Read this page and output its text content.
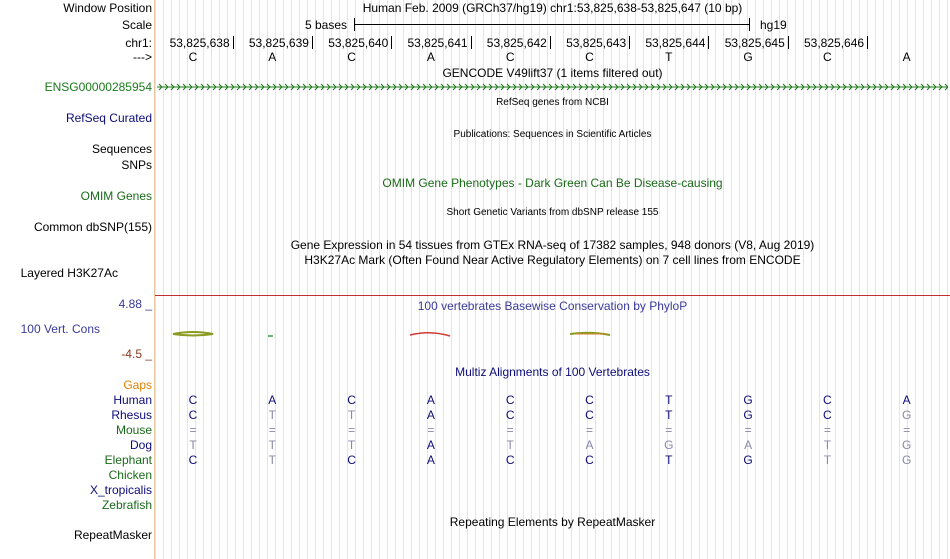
Window Position
Scale
chr1:
--->
ENSG00000285954
RefSeq Curated
Sequences
SNPs
OMIM Genes
Common dbSNP(155)
Layered H3K27Ac
4.88 _
100 Vert. Cons
-4.5 _
Gaps
Human
Rhesus
Mouse
Dog
Elephant
Chicken
X_tropicalis
Zebrafish
RepeatMasker
Human Feb. 2009 (GRCh37/hg19) chr1:53,825,638-53,825,647 (10 bp)
5 bases	hg19
53,825,638	53,825,639	53,825,640	53,825,641	53,825,642	53,825,643	53,825,644	53,825,645	53,825,646
C	A	C	A	C	C	T	G	C	A
GENCODE V49lift37 (1 items filtered out)
RefSeq genes from NCBI
Publications: Sequences in Scientific Articles
OMIM Gene Phenotypes - Dark Green Can Be Disease-causing
Short Genetic Variants from dbSNP release 155
Gene Expression in 54 tissues from GTEx RNA-seq of 17382 samples, 948 donors (V8, Aug 2019)
H3K27Ac Mark (Often Found Near Active Regulatory Elements) on 7 cell lines from ENCODE
100 vertebrates Basewise Conservation by PhyloP
Multiz Alignments of 100 Vertebrates
C	A	C	A	C	C	T	G	C	A
C	T	T	A	C	C	T	G	C	G
=	=	=	=	=	=	=	=	=	=
T	T	T	A	T	A	G	A	T	G
C	T	C	A	C	C	T	G	T	G
Repeating Elements by RepeatMasker
